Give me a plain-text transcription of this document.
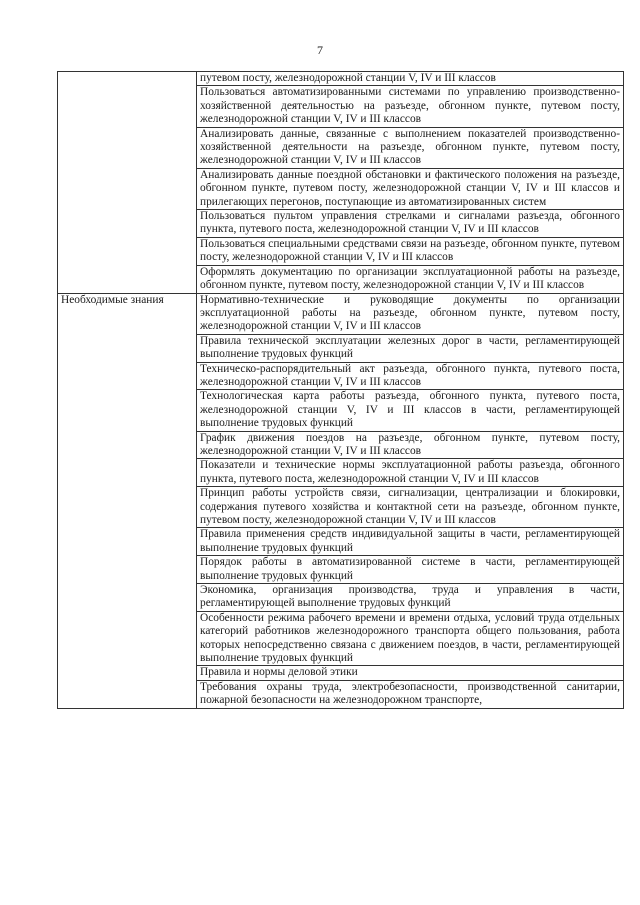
7

	путевом посту, железнодорожной станции V, IV и III классов

	Пользоваться автоматизированными системами по управлению производственно-хозяйственной деятельностью на разъезде, обгонном пункте, путевом посту, железнодорожной станции V, IV и III классов

	Анализировать данные, связанные с выполнением показателей производственно-хозяйственной деятельности на разъезде, обгонном пункте, путевом посту, железнодорожной станции V, IV и III классов

	Анализировать данные поездной обстановки и фактического положения на разъезде, обгонном пункте, путевом посту, железнодорожной станции V, IV и III классов и прилегающих перегонов, поступающие из автоматизированных систем

	Пользоваться пультом управления стрелками и сигналами разъезда, обгонного пункта, путевого поста, железнодорожной станции V, IV и III классов

	Пользоваться специальными средствами связи на разъезде, обгонном пункте, путевом посту, железнодорожной станции V, IV и III классов

	Оформлять документацию по организации эксплуатационной работы на разъезде, обгонном пункте, путевом посту, железнодорожной станции V, IV и III классов

Необходимые знания	Нормативно-технические и руководящие документы по организации эксплуатационной работы на разъезде, обгонном пункте, путевом посту, железнодорожной станции V, IV и III классов

	Правила технической эксплуатации железных дорог в части, регламентирующей выполнение трудовых функций

	Техническо-распорядительный акт разъезда, обгонного пункта, путевого поста, железнодорожной станции V, IV и III классов

	Технологическая карта работы разъезда, обгонного пункта, путевого поста, железнодорожной станции V, IV и III классов в части, регламентирующей выполнение трудовых функций

	График движения поездов на разъезде, обгонном пункте, путевом посту, железнодорожной станции V, IV и III классов

	Показатели и технические нормы эксплуатационной работы разъезда, обгонного пункта, путевого поста, железнодорожной станции V, IV и III классов

	Принцип работы устройств связи, сигнализации, централизации и блокировки, содержания путевого хозяйства и контактной сети на разъезде, обгонном пункте, путевом посту, железнодорожной станции V, IV и III классов

	Правила применения средств индивидуальной защиты в части, регламентирующей выполнение трудовых функций

	Порядок работы в автоматизированной системе в части, регламентирующей выполнение трудовых функций

	Экономика, организация производства, труда и управления в части, регламентирующей выполнение трудовых функций

	Особенности режима рабочего времени и времени отдыха, условий труда отдельных категорий работников железнодорожного транспорта общего пользования, работа которых непосредственно связана с движением поездов, в части, регламентирующей выполнение трудовых функций

	Правила и нормы деловой этики

	Требования охраны труда, электробезопасности, производственной санитарии, пожарной безопасности на железнодорожном транспорте,
